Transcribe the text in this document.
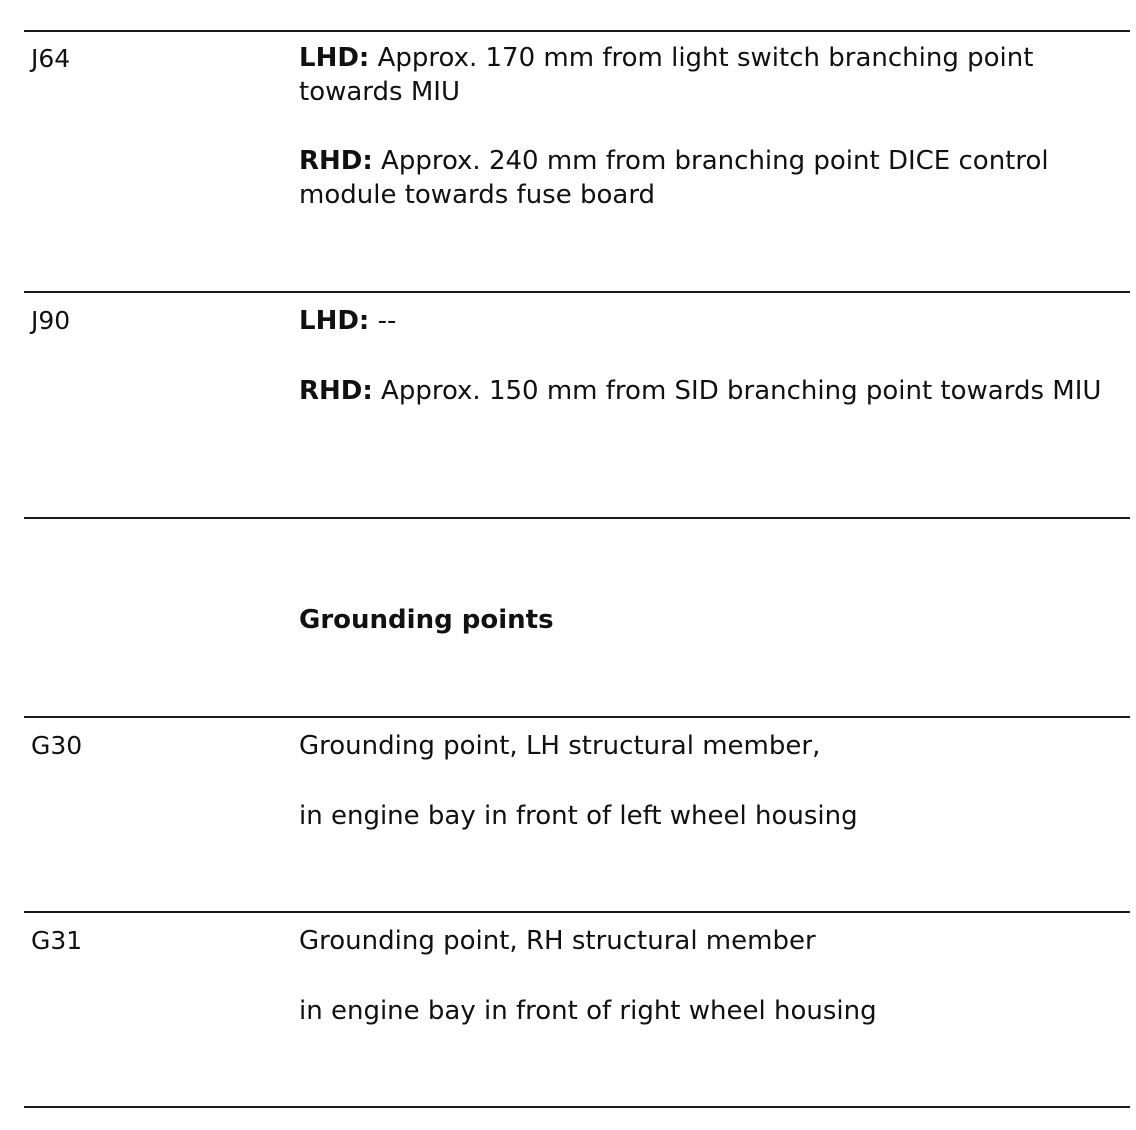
J64	LHD: Approx. 170 mm from light switch branching point towards MIU

RHD: Approx. 240 mm from branching point DICE control module towards fuse board

J90	LHD: --

RHD: Approx. 150 mm from SID branching point towards MIU

Grounding points
G30	Grounding point, LH structural member,

in engine bay in front of left wheel housing

G31	Grounding point, RH structural member

in engine bay in front of right wheel housing
